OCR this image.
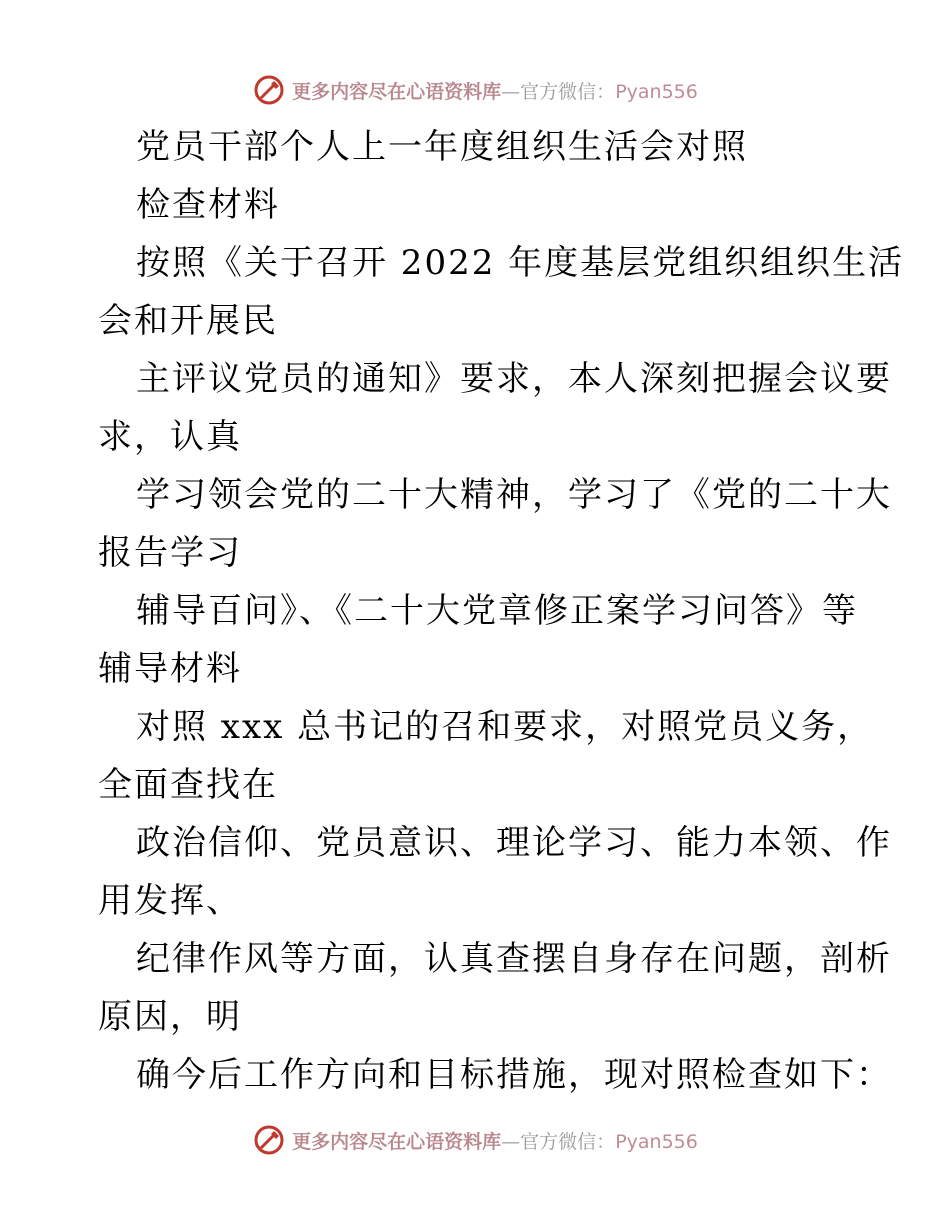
更多内容尽在心语资料库—官方微信：Pyan556
党员干部个人上一年度组织生活会对照
检查材料
按照《关于召开 2022 年度基层党组织组织生活
会和开展民
主评议党员的通知》要求，本人深刻把握会议要
求，认真
学习领会党的二十大精神，学习了《党的二十大
报告学习
辅导百问》、《二十大党章修正案学习问答》等
辅导材料
对照 xxx 总书记的召和要求，对照党员义务，
全面查找在
政治信仰、党员意识、理论学习、能力本领、作
用发挥、
纪律作风等方面，认真查摆自身存在问题，剖析
原因，明
确今后工作方向和目标措施，现对照检查如下：
更多内容尽在心语资料库—官方微信：Pyan556
